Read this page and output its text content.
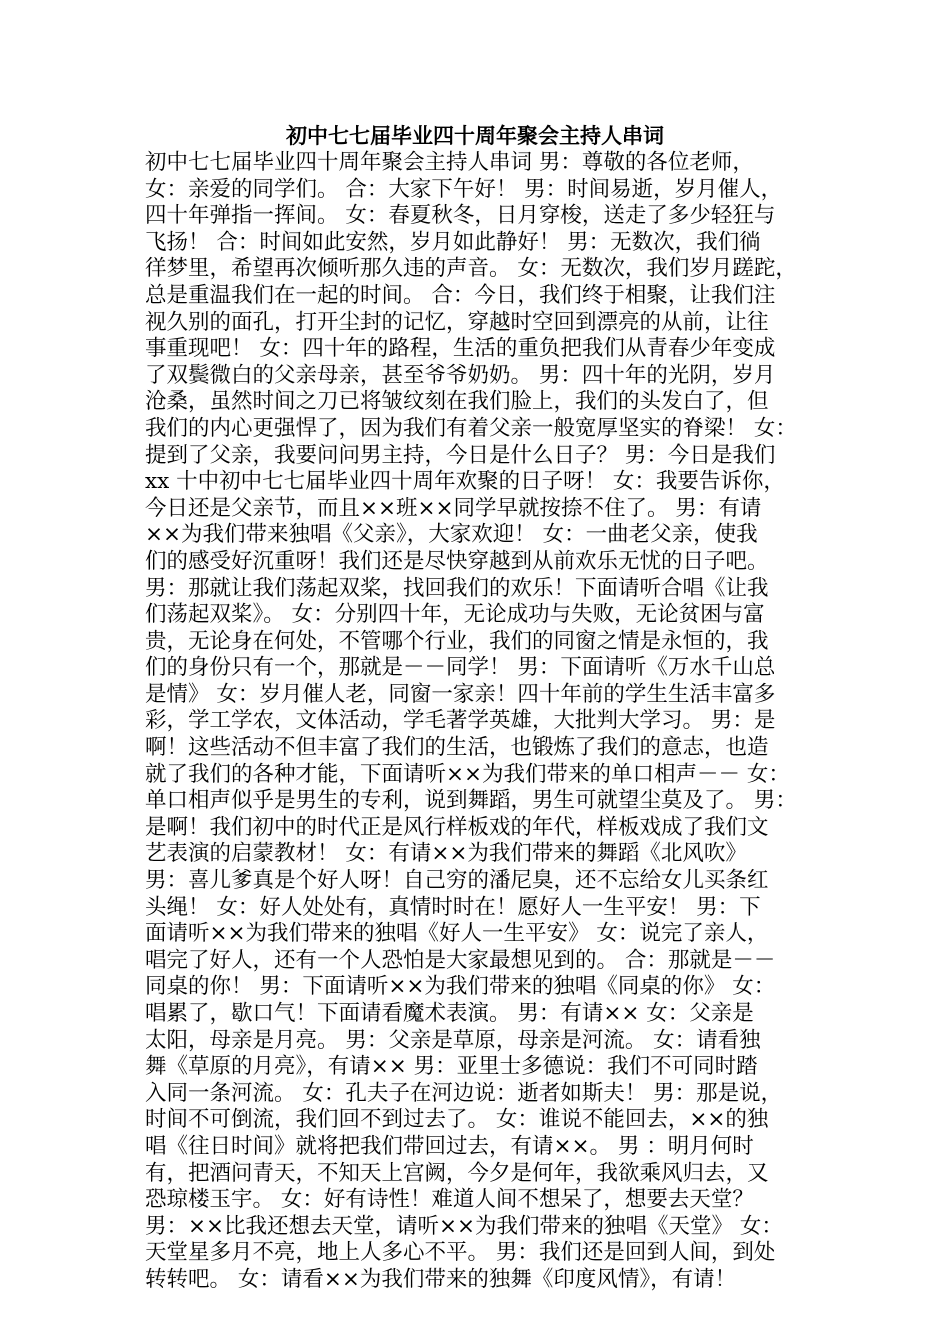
初中七七届毕业四十周年聚会主持人串词
初中七七届毕业四十周年聚会主持人串词 男：尊敬的各位老师，
女：亲爱的同学们。 合：大家下午好！ 男：时间易逝，岁月催人，
四十年弹指一挥间。 女：春夏秋冬，日月穿梭，送走了多少轻狂与
飞扬！ 合：时间如此安然，岁月如此静好！ 男：无数次，我们徜
徉梦里，希望再次倾听那久违的声音。 女：无数次，我们岁月蹉跎，
总是重温我们在一起的时间。 合：今日，我们终于相聚，让我们注
视久别的面孔，打开尘封的记忆，穿越时空回到漂亮的从前，让往
事重现吧！ 女：四十年的路程，生活的重负把我们从青春少年变成
了双鬓微白的父亲母亲，甚至爷爷奶奶。 男：四十年的光阴，岁月
沧桑，虽然时间之刀已将皱纹刻在我们脸上，我们的头发白了，但
我们的内心更强悍了，因为我们有着父亲一般宽厚坚实的脊梁！ 女：
提到了父亲，我要问问男主持，今日是什么日子？ 男：今日是我们
xx 十中初中七七届毕业四十周年欢聚的日子呀！ 女：我要告诉你，
今日还是父亲节，而且××班××同学早就按捺不住了。 男：有请
××为我们带来独唱《父亲》，大家欢迎！ 女：一曲老父亲，使我
们的感受好沉重呀！我们还是尽快穿越到从前欢乐无忧的日子吧。
男：那就让我们荡起双桨，找回我们的欢乐！下面请听合唱《让我
们荡起双桨》。 女：分别四十年，无论成功与失败，无论贫困与富
贵，无论身在何处，不管哪个行业，我们的同窗之情是永恒的，我
们的身份只有一个，那就是－－同学！ 男：下面请听《万水千山总
是情》 女：岁月催人老，同窗一家亲！四十年前的学生生活丰富多
彩，学工学农，文体活动，学毛著学英雄，大批判大学习。 男：是
啊！这些活动不但丰富了我们的生活，也锻炼了我们的意志，也造
就了我们的各种才能，下面请听××为我们带来的单口相声－－ 女：
单口相声似乎是男生的专利，说到舞蹈，男生可就望尘莫及了。 男：
是啊！我们初中的时代正是风行样板戏的年代，样板戏成了我们文
艺表演的启蒙教材！ 女：有请××为我们带来的舞蹈《北风吹》
男：喜儿爹真是个好人呀！自己穷的潘尼臭，还不忘给女儿买条红
头绳！ 女：好人处处有，真情时时在！愿好人一生平安！ 男：下
面请听××为我们带来的独唱《好人一生平安》 女：说完了亲人，
唱完了好人，还有一个人恐怕是大家最想见到的。 合：那就是－－
同桌的你！ 男：下面请听××为我们带来的独唱《同桌的你》 女：
唱累了，歇口气！下面请看魔术表演。 男：有请×× 女：父亲是
太阳，母亲是月亮。 男：父亲是草原，母亲是河流。 女：请看独
舞《草原的月亮》，有请×× 男：亚里士多德说：我们不可同时踏
入同一条河流。 女：孔夫子在河边说：逝者如斯夫！ 男：那是说，
时间不可倒流，我们回不到过去了。 女：谁说不能回去，××的独
唱《往日时间》就将把我们带回过去，有请××。 男 ：明月何时
有，把酒问青天，不知天上宫阙，今夕是何年，我欲乘风归去，又
恐琼楼玉宇。 女：好有诗性！难道人间不想呆了，想要去天堂？
男：××比我还想去天堂，请听××为我们带来的独唱《天堂》 女：
天堂星多月不亮，地上人多心不平。 男：我们还是回到人间，到处
转转吧。 女：请看××为我们带来的独舞《印度风情》，有请！
